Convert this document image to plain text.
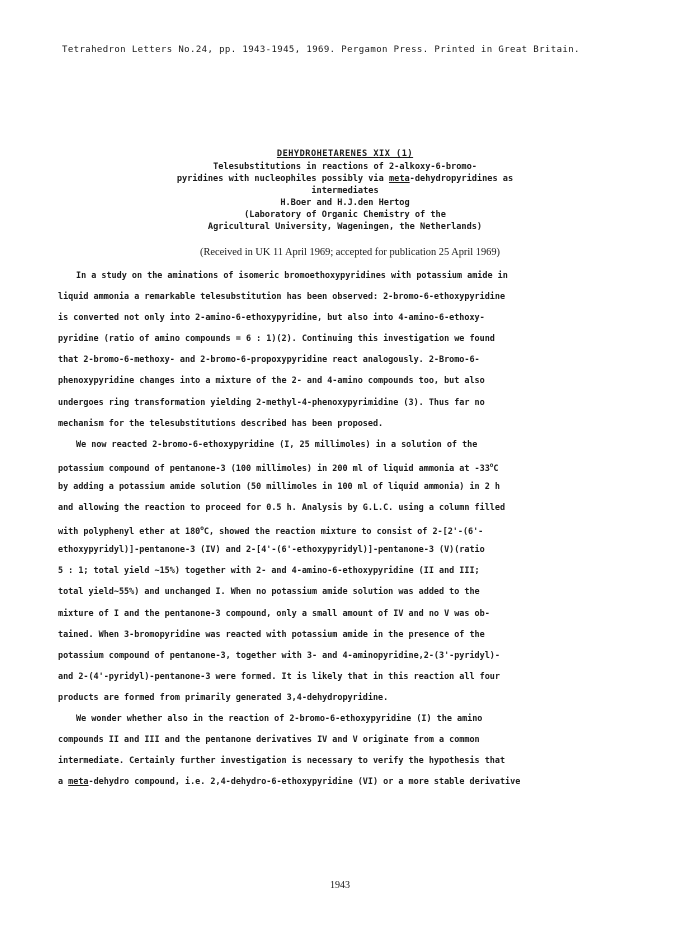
Tetrahedron Letters No.24, pp. 1943-1945, 1969. Pergamon Press. Printed in Great Britain.
DEHYDROHETARENES XIX (1)
Telesubstitutions in reactions of 2-alkoxy-6-bromo-
pyridines with nucleophiles possibly via meta-dehydropyridines as
intermediates
H.Boer and H.J.den Hertog
(Laboratory of Organic Chemistry of the
Agricultural University, Wageningen, the Netherlands)
(Received in UK 11 April 1969; accepted for publication 25 April 1969)
In a study on the aminations of isomeric bromoethoxypyridines with potassium amide in
liquid ammonia a remarkable telesubstitution has been observed: 2-bromo-6-ethoxypyridine
is converted not only into 2-amino-6-ethoxypyridine, but also into 4-amino-6-ethoxy-
pyridine (ratio of amino compounds = 6 : 1)(2). Continuing this investigation we found
that 2-bromo-6-methoxy- and 2-bromo-6-propoxypyridine react analogously. 2-Bromo-6-
phenoxypyridine changes into a mixture of the 2- and 4-amino compounds too, but also
undergoes ring transformation yielding 2-methyl-4-phenoxypyrimidine (3). Thus far no
mechanism for the telesubstitutions described has been proposed.
We now reacted 2-bromo-6-ethoxypyridine (I, 25 millimoles) in a solution of the
potassium compound of pentanone-3 (100 millimoles) in 200 ml of liquid ammonia at -33$^o$C
by adding a potassium amide solution (50 millimoles in 100 ml of liquid ammonia) in 2 h
and allowing the reaction to proceed for 0.5 h. Analysis by G.L.C. using a column filled
with polyphenyl ether at 180$^o$C, showed the reaction mixture to consist of 2-[2'-(6'-
ethoxypyridyl)]-pentanone-3 (IV) and 2-[4'-(6'-ethoxypyridyl)]-pentanone-3 (V)(ratio
5 : 1; total yield ~15%) together with 2- and 4-amino-6-ethoxypyridine (II and III;
total yield~55%) and unchanged I. When no potassium amide solution was added to the
mixture of I and the pentanone-3 compound, only a small amount of IV and no V was ob-
tained. When 3-bromopyridine was reacted with potassium amide in the presence of the
potassium compound of pentanone-3, together with 3- and 4-aminopyridine,2-(3'-pyridyl)-
and 2-(4'-pyridyl)-pentanone-3 were formed. It is likely that in this reaction all four
products are formed from primarily generated 3,4-dehydropyridine.
We wonder whether also in the reaction of 2-bromo-6-ethoxypyridine (I) the amino
compounds II and III and the pentanone derivatives IV and V originate from a common
intermediate. Certainly further investigation is necessary to verify the hypothesis that
a meta-dehydro compound, i.e. 2,4-dehydro-6-ethoxypyridine (VI) or a more stable derivative
1943
